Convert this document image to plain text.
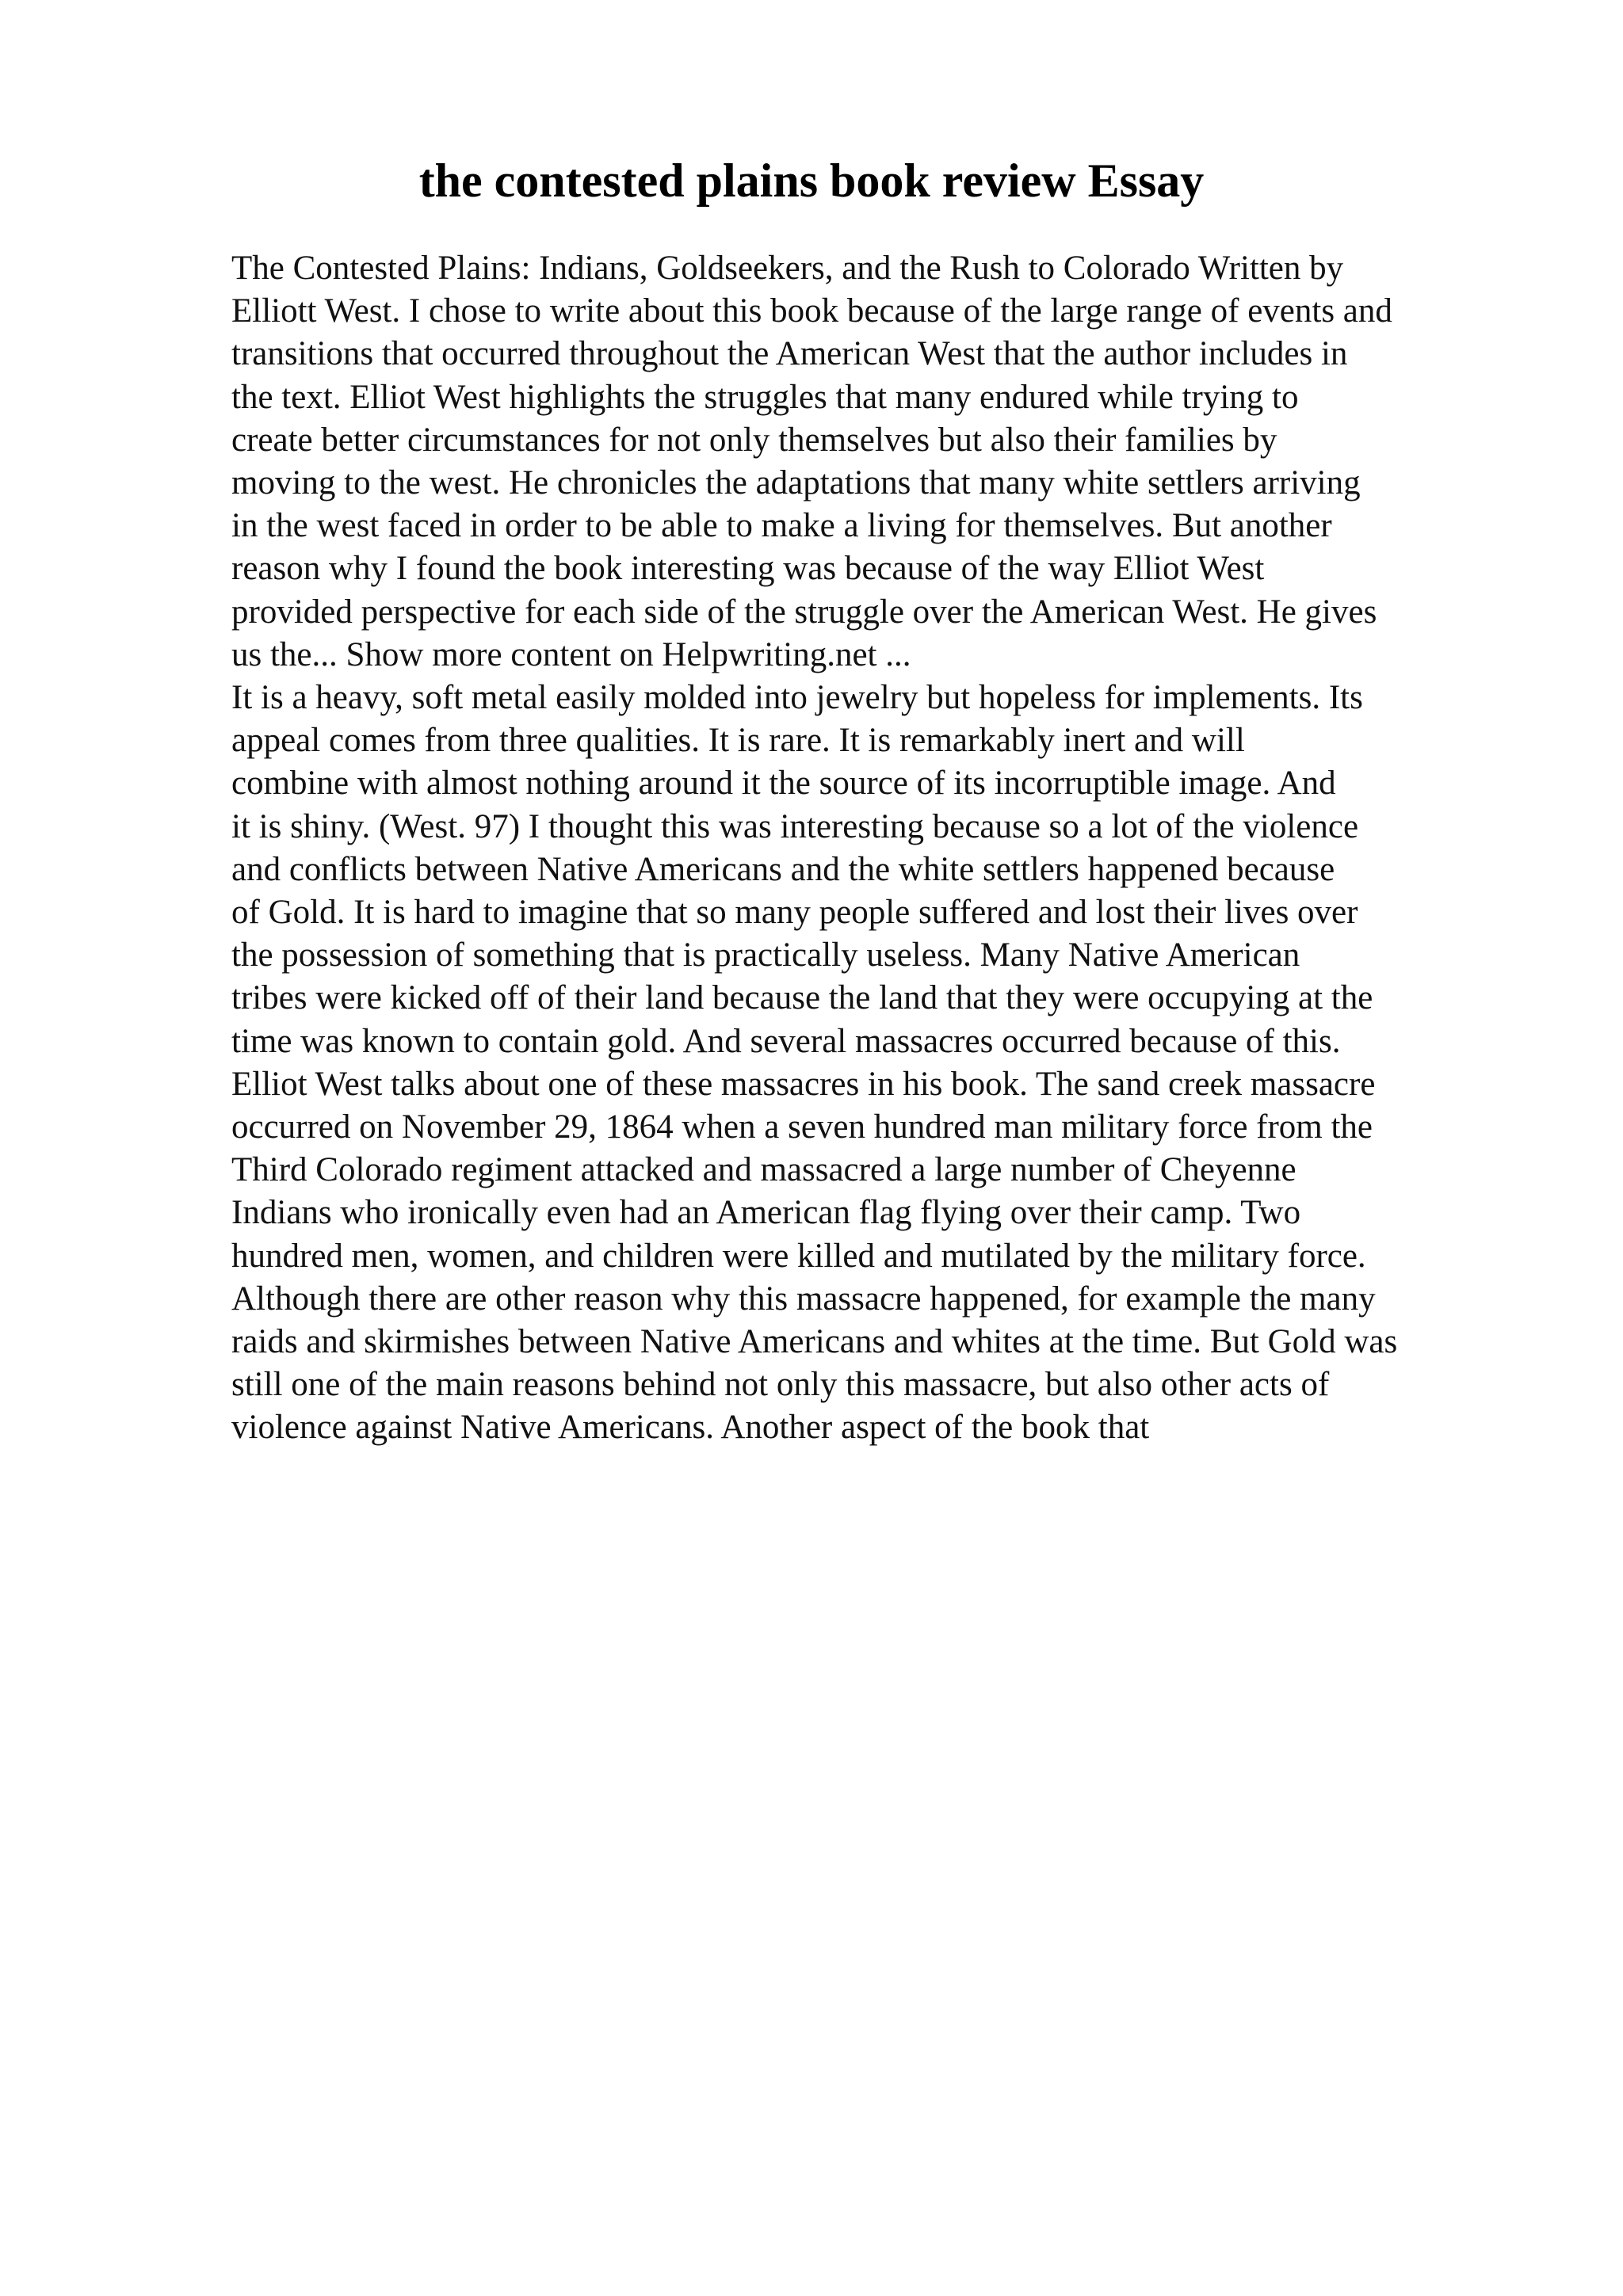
the contested plains book review Essay
The Contested Plains: Indians, Goldseekers, and the Rush to Colorado Written by
Elliott West. I chose to write about this book because of the large range of events and
transitions that occurred throughout the American West that the author includes in
the text. Elliot West highlights the struggles that many endured while trying to
create better circumstances for not only themselves but also their families by
moving to the west. He chronicles the adaptations that many white settlers arriving
in the west faced in order to be able to make a living for themselves. But another
reason why I found the book interesting was because of the way Elliot West
provided perspective for each side of the struggle over the American West. He gives
us the... Show more content on Helpwriting.net ...
It is a heavy, soft metal easily molded into jewelry but hopeless for implements. Its
appeal comes from three qualities. It is rare. It is remarkably inert and will
combine with almost nothing around it the source of its incorruptible image. And
it is shiny. (West. 97) I thought this was interesting because so a lot of the violence
and conflicts between Native Americans and the white settlers happened because
of Gold. It is hard to imagine that so many people suffered and lost their lives over
the possession of something that is practically useless. Many Native American
tribes were kicked off of their land because the land that they were occupying at the
time was known to contain gold. And several massacres occurred because of this.
Elliot West talks about one of these massacres in his book. The sand creek massacre
occurred on November 29, 1864 when a seven hundred man military force from the
Third Colorado regiment attacked and massacred a large number of Cheyenne
Indians who ironically even had an American flag flying over their camp. Two
hundred men, women, and children were killed and mutilated by the military force.
Although there are other reason why this massacre happened, for example the many
raids and skirmishes between Native Americans and whites at the time. But Gold was
still one of the main reasons behind not only this massacre, but also other acts of
violence against Native Americans. Another aspect of the book that
